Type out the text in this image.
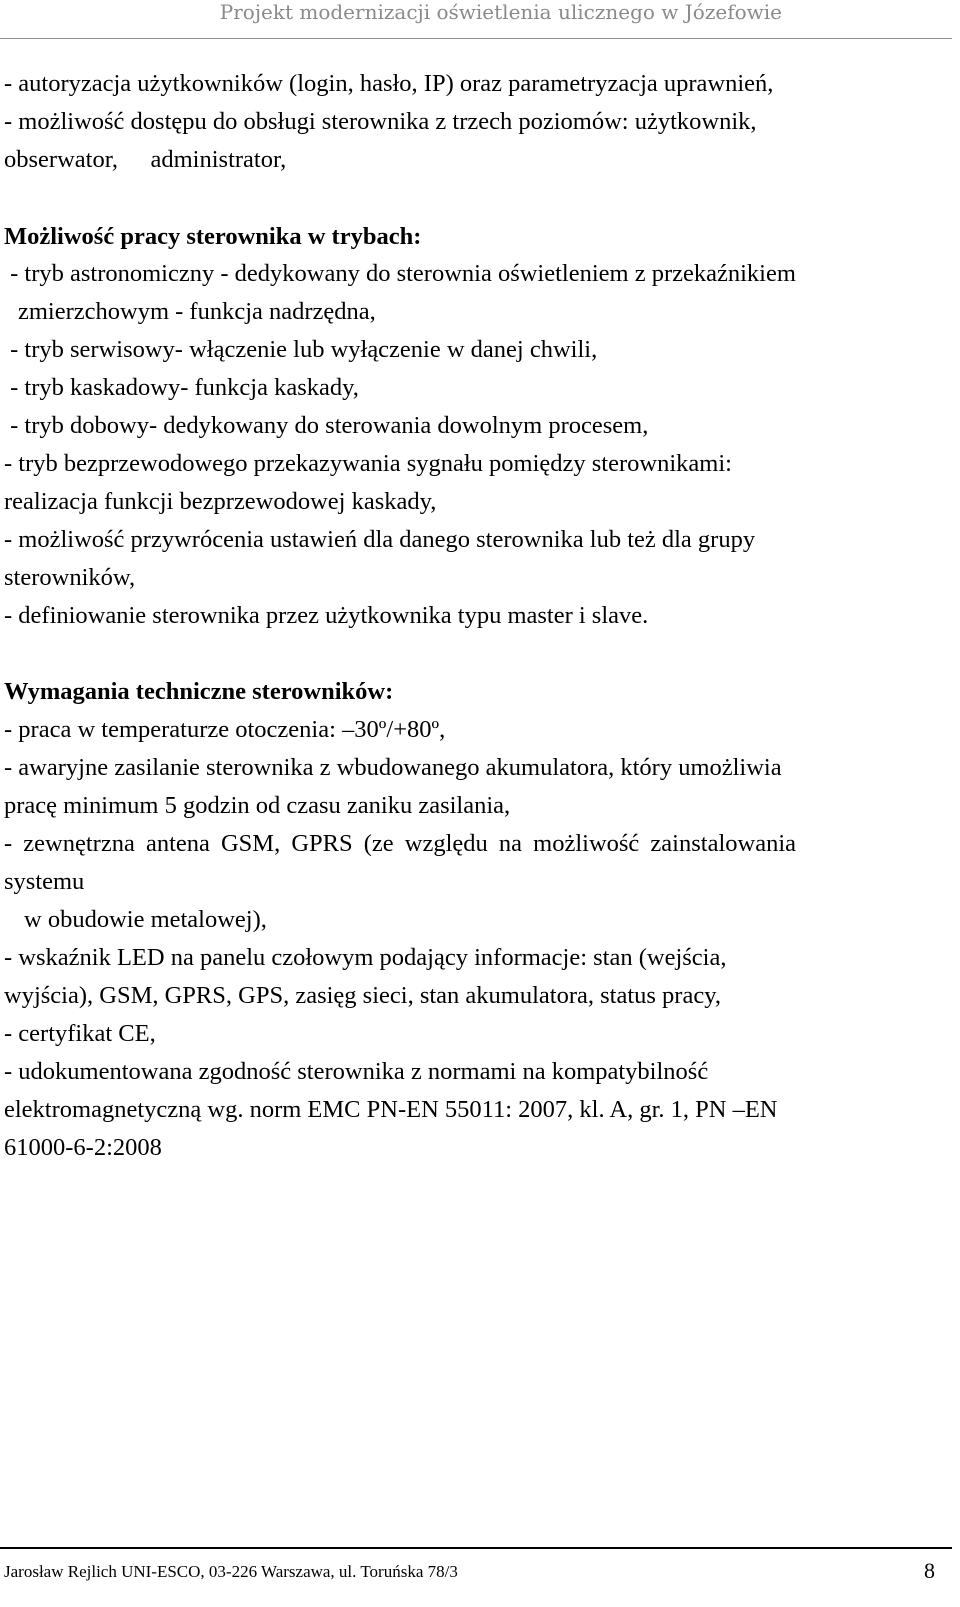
Projekt modernizacji oświetlenia ulicznego w Józefowie
- autoryzacja użytkowników (login, hasło, IP) oraz parametryzacja uprawnień,
- możliwość dostępu do obsługi sterownika z trzech poziomów: użytkownik,
obserwator,    administrator,
Możliwość pracy sterownika w trybach:
- tryb astronomiczny - dedykowany do sterownia oświetleniem z przekaźnikiem
zmierzchowym - funkcja nadrzędna,
- tryb serwisowy- włączenie lub wyłączenie w danej chwili,
- tryb kaskadowy- funkcja kaskady,
- tryb dobowy- dedykowany do sterowania dowolnym procesem,
- tryb bezprzewodowego przekazywania sygnału pomiędzy sterownikami:
realizacja funkcji bezprzewodowej kaskady,
- możliwość przywrócenia ustawień dla danego sterownika lub też dla grupy
sterowników,
- definiowanie sterownika przez użytkownika typu master i slave.
Wymagania techniczne sterowników:
- praca w temperaturze otoczenia: –30º/+80º,
- awaryjne zasilanie sterownika z wbudowanego akumulatora, który umożliwia
pracę minimum 5 godzin od czasu zaniku zasilania,
- zewnętrzna antena GSM, GPRS (ze względu na możliwość zainstalowania
systemu
w obudowie metalowej),
- wskaźnik LED na panelu czołowym podający informacje: stan (wejścia,
wyjścia), GSM, GPRS, GPS, zasięg sieci, stan akumulatora, status pracy,
- certyfikat CE,
- udokumentowana zgodność sterownika z normami na kompatybilność
elektromagnetyczną wg. norm EMC PN-EN 55011: 2007, kl. A, gr. 1, PN –EN
61000-6-2:2008
Jarosław Rejlich UNI-ESCO, 03-226 Warszawa, ul. Toruńska 78/3	8
